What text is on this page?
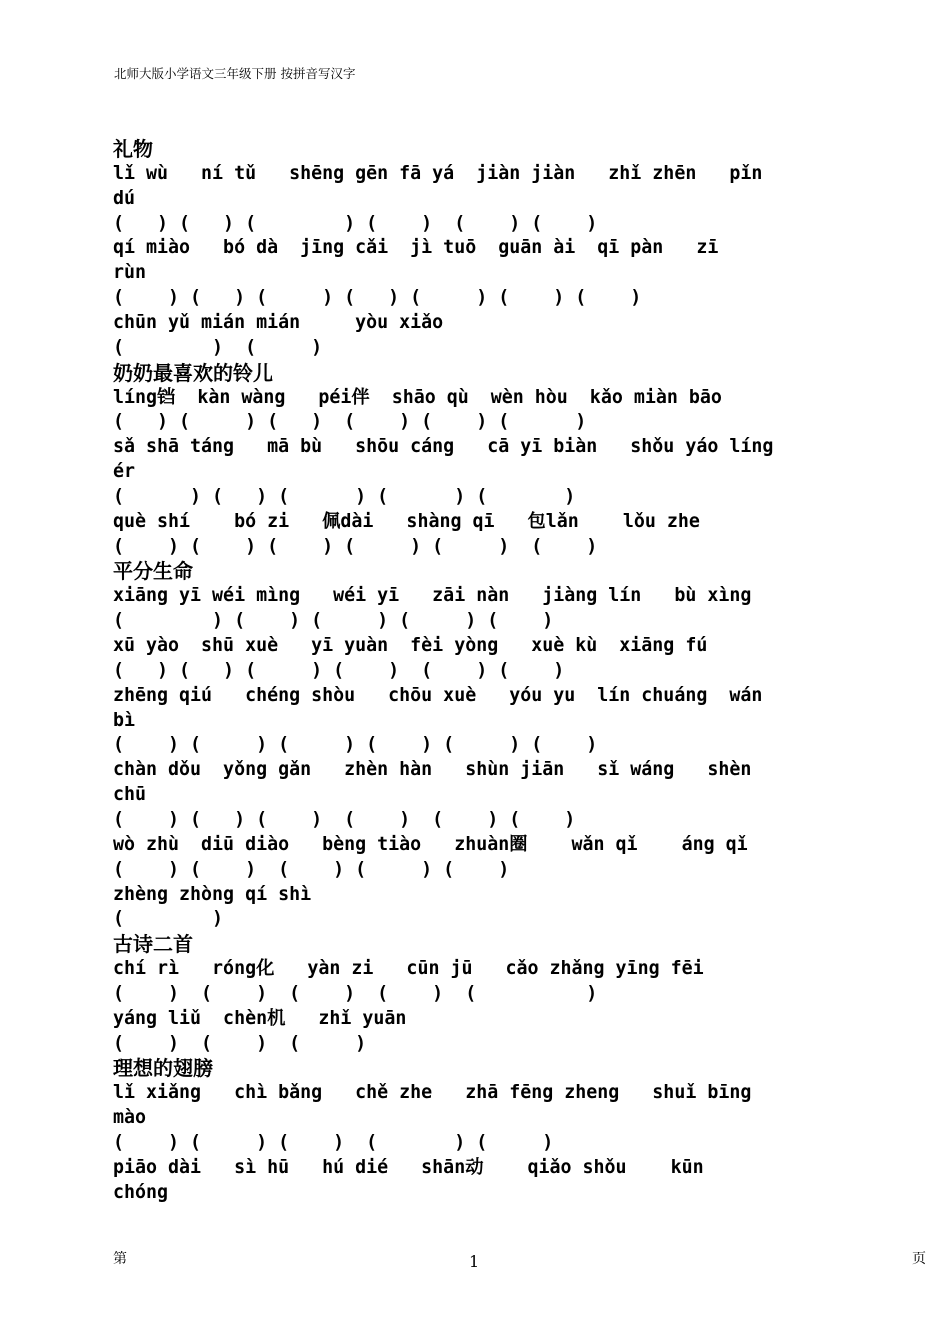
北师大版小学语文三年级下册 按拼音写汉字
礼物
lǐ wù   ní tǔ   shēng gēn fā yá  jiàn jiàn   zhǐ zhēn   pǐn
dú
(   ) (   ) (        ) (    )  (    ) (    )
qí miào   bó dà  jīng cǎi  jì tuō  guān ài  qī pàn   zī
rùn
(    ) (   ) (     ) (   ) (     ) (    ) (    )
chūn yǔ mián mián     yòu xiǎo
(        )  (     )
奶奶最喜欢的铃儿
líng铛  kàn wàng   péi伴  shāo qù  wèn hòu  kǎo miàn bāo
(   ) (     ) (   )  (    ) (    ) (      )
sǎ shā táng   mā bù   shōu cáng   cā yī biàn   shǒu yáo líng
ér
(      ) (   ) (      ) (      ) (       )
què shí    bó zi   佩dài   shàng qī   包lǎn    lǒu zhe
(    ) (    ) (    ) (     ) (     )  (    )
平分生命
xiāng yī wéi mìng   wéi yī   zāi nàn   jiàng lín   bù xìng
(        ) (    ) (     ) (     ) (    )
xū yào  shū xuè   yī yuàn  fèi yòng   xuè kù  xiāng fú
(   ) (   ) (     ) (    )  (    ) (    )
zhēng qiú   chéng shòu   chōu xuè   yóu yu  lín chuáng  wán
bì
(    ) (     ) (     ) (    ) (     ) (    )
chàn dǒu  yǒng gǎn   zhèn hàn   shùn jiān   sǐ wáng   shèn
chū
(    ) (   ) (    )  (    )  (    ) (    )
wò zhù  diū diào   bèng tiào   zhuàn圈    wǎn qǐ    áng qǐ
(    ) (    )  (    ) (     ) (    )
zhèng zhòng qí shì
(        )
古诗二首
chí rì   róng化   yàn zi   cūn jū   cǎo zhǎng yīng fēi
(    )  (    )  (    )  (    )  (          )
yáng liǔ  chèn机   zhǐ yuān
(    )  (    )  (     )
理想的翅膀
lǐ xiǎng   chì bǎng   chě zhe   zhā fēng zheng   shuǐ bīng
mào
(    ) (     ) (    )  (       ) (     )
piāo dài   sì hū   hú dié   shān动    qiǎo shǒu    kūn
chóng
第	1	页
